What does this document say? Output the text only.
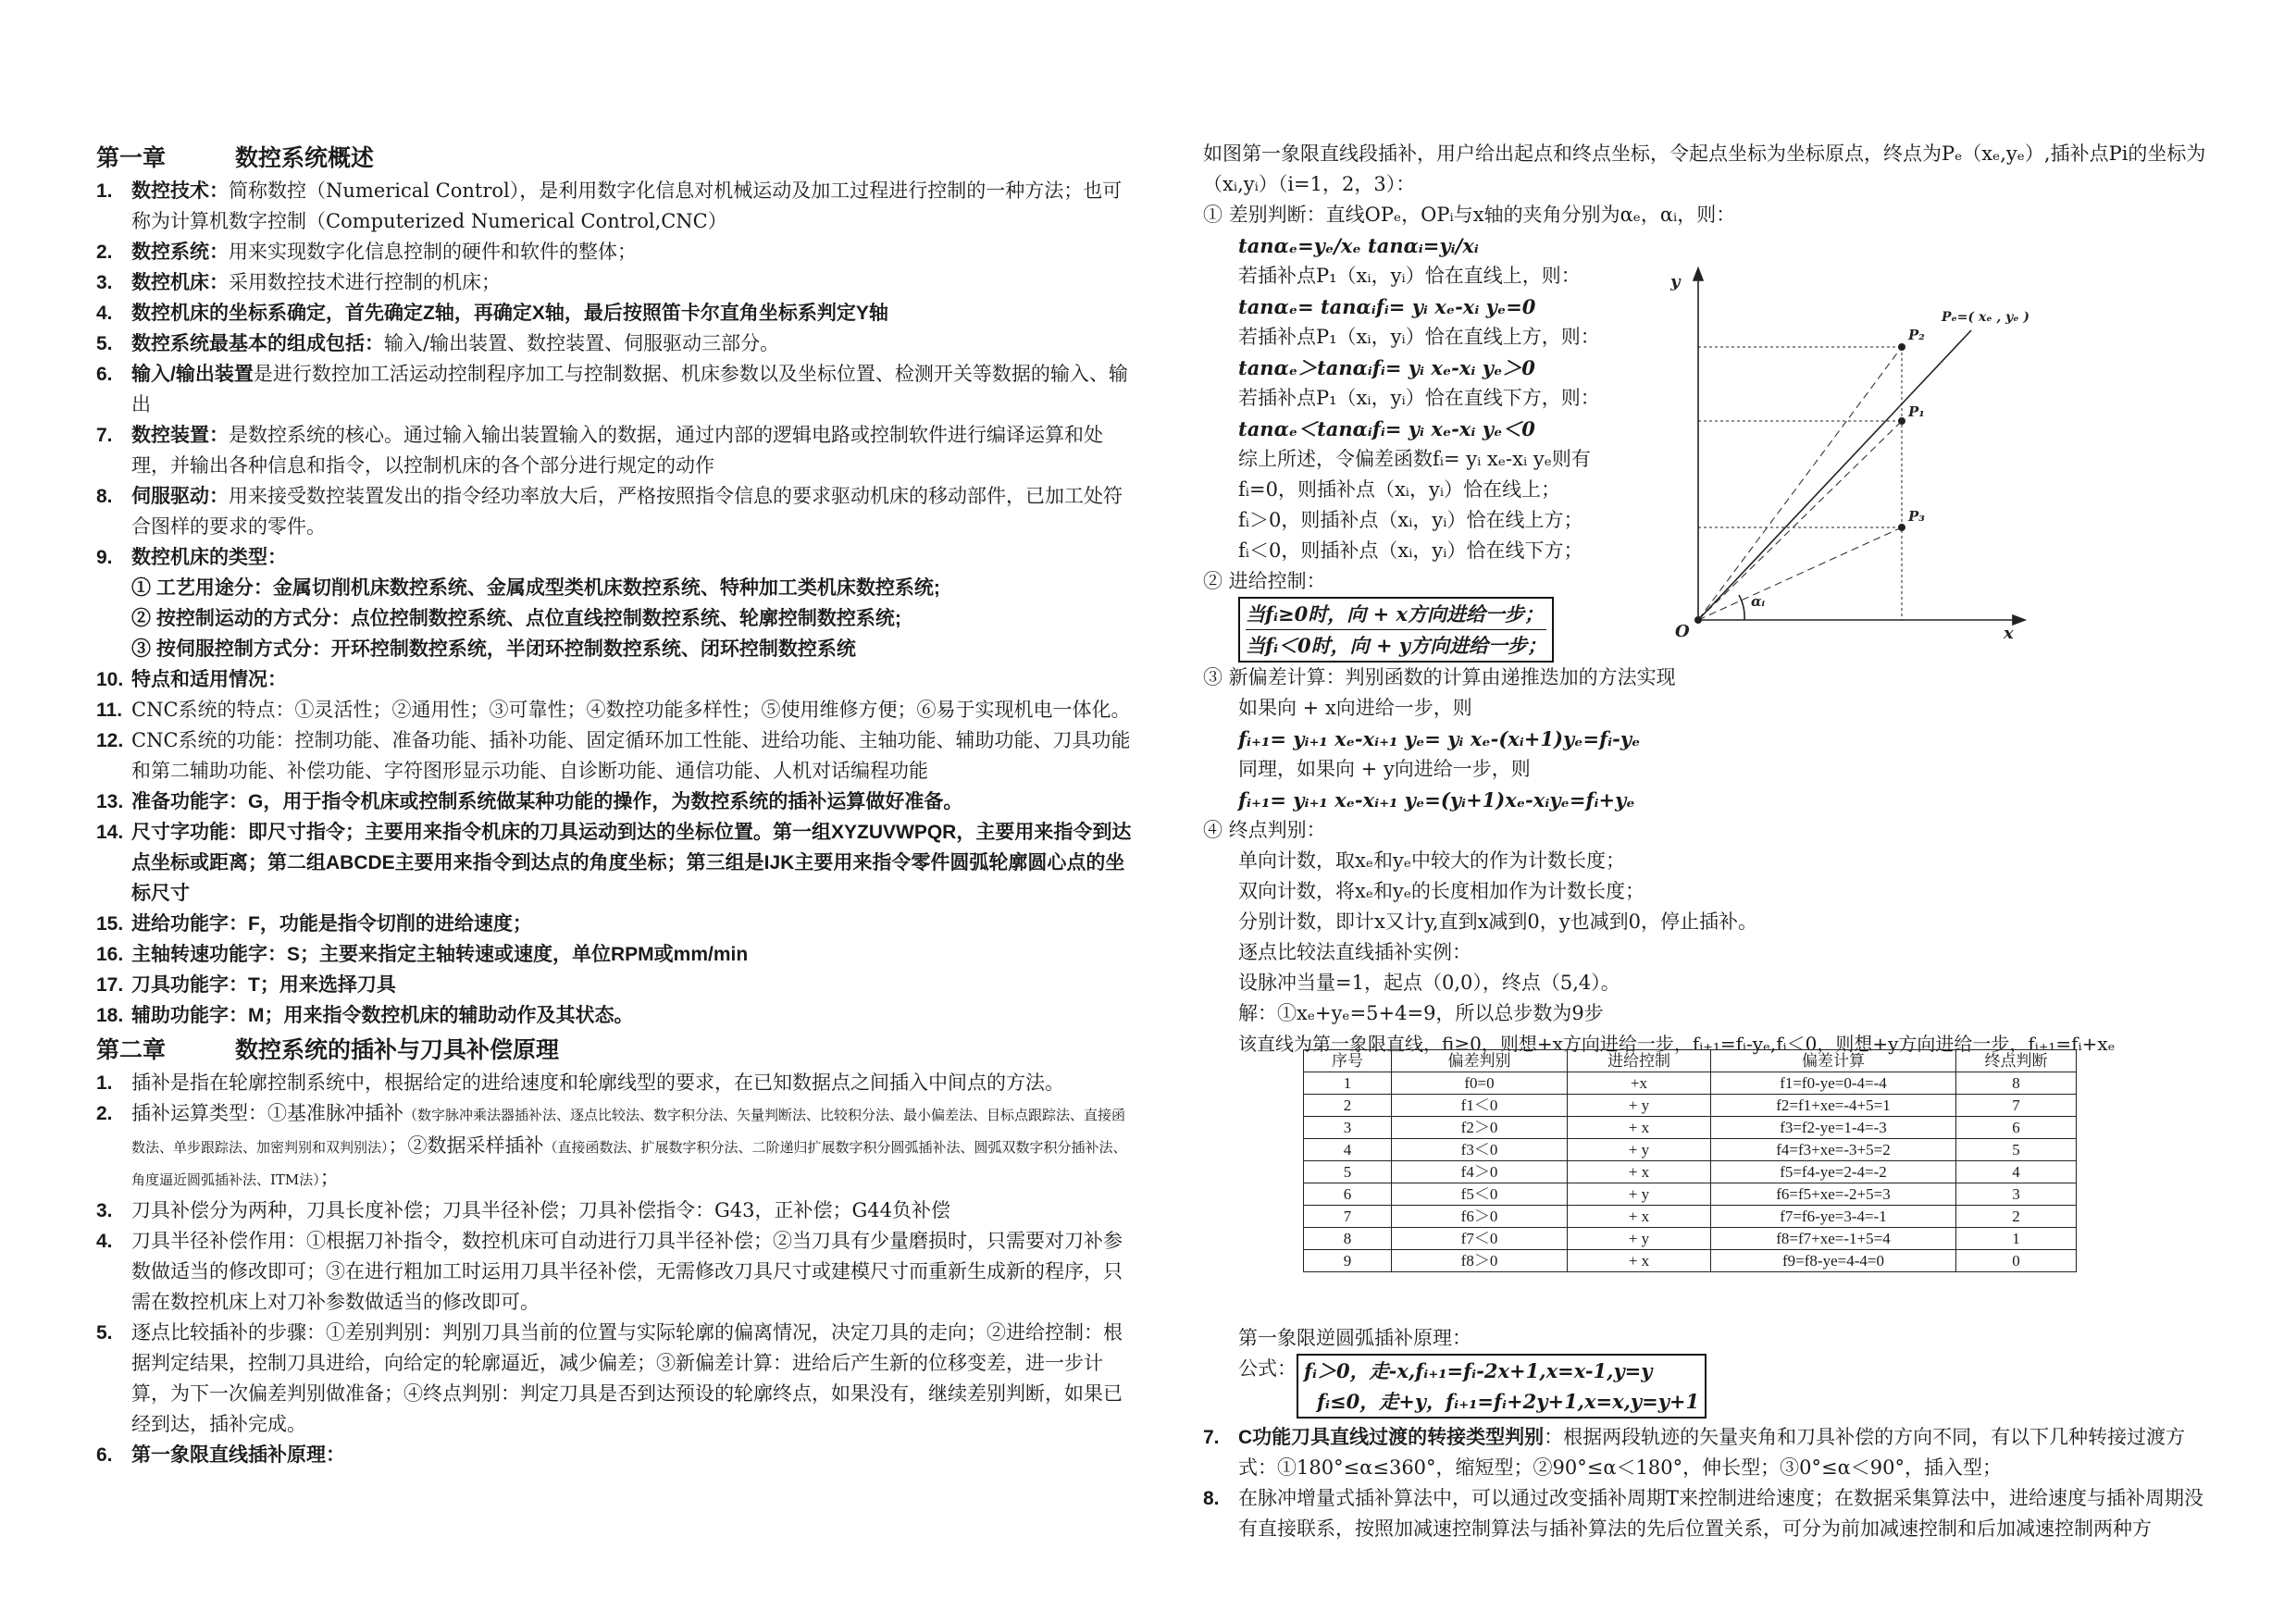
第一章	数控系统概述
1. 数控技术：简称数控（Numerical Control），是利用数字化信息对机械运动及加工过程进行控制的一种方法；也可称为计算机数字控制（Computerized Numerical Control,CNC）
2. 数控系统：用来实现数字化信息控制的硬件和软件的整体；
3. 数控机床：采用数控技术进行控制的机床；
4. 数控机床的坐标系确定，首先确定Z轴，再确定X轴，最后按照笛卡尔直角坐标系判定Y轴
5. 数控系统最基本的组成包括：输入/输出装置、数控装置、伺服驱动三部分。
6. 输入/输出装置是进行数控加工活运动控制程序加工与控制数据、机床参数以及坐标位置、检测开关等数据的输入、输出
7. 数控装置：是数控系统的核心。通过输入输出装置输入的数据，通过内部的逻辑电路或控制软件进行编译运算和处理，并输出各种信息和指令，以控制机床的各个部分进行规定的动作
8. 伺服驱动：用来接受数控装置发出的指令经功率放大后，严格按照指令信息的要求驱动机床的移动部件，已加工处符合图样的要求的零件。
9. 数控机床的类型：
① 工艺用途分：金属切削机床数控系统、金属成型类机床数控系统、特种加工类机床数控系统;
② 按控制运动的方式分：点位控制数控系统、点位直线控制数控系统、轮廓控制数控系统;
③ 按伺服控制方式分：开环控制数控系统，半闭环控制数控系统、闭环控制数控系统
10. 特点和适用情况：
11. CNC系统的特点：①灵活性；②通用性；③可靠性；④数控功能多样性；⑤使用维修方便；⑥易于实现机电一体化。
12. CNC系统的功能：控制功能、准备功能、插补功能、固定循环加工性能、进给功能、主轴功能、辅助功能、刀具功能和第二辅助功能、补偿功能、字符图形显示功能、自诊断功能、通信功能、人机对话编程功能
13. 准备功能字：G，用于指令机床或控制系统做某种功能的操作，为数控系统的插补运算做好准备。
14. 尺寸字功能：即尺寸指令；主要用来指令机床的刀具运动到达的坐标位置。第一组XYZUVWPQR，主要用来指令到达点坐标或距离；第二组ABCDE主要用来指令到达点的角度坐标；第三组是IJK主要用来指令零件圆弧轮廓圆心点的坐标尺寸
15. 进给功能字：F，功能是指令切削的进给速度；
16. 主轴转速功能字：S；主要来指定主轴转速或速度，单位RPM或mm/min
17. 刀具功能字：T；用来选择刀具
18. 辅助功能字：M；用来指令数控机床的辅助动作及其状态。
第二章	数控系统的插补与刀具补偿原理
1. 插补是指在轮廓控制系统中，根据给定的进给速度和轮廓线型的要求，在已知数据点之间插入中间点的方法。
2. 插补运算类型：①基准脉冲插补（数字脉冲乘法器插补法、逐点比较法、数字积分法、矢量判断法、比较积分法、最小偏差法、目标点跟踪法、直接函数法、单步跟踪法、加密判别和双判别法）；②数据采样插补（直接函数法、扩展数字积分法、二阶递归扩展数字积分圆弧插补法、圆弧双数字积分插补法、角度逼近圆弧插补法、ITM法）；
3. 刀具补偿分为两种，刀具长度补偿；刀具半径补偿；刀具补偿指令：G43，正补偿；G44负补偿
4. 刀具半径补偿作用：①根据刀补指令，数控机床可自动进行刀具半径补偿；②当刀具有少量磨损时，只需要对刀补参数做适当的修改即可；③在进行粗加工时运用刀具半径补偿，无需修改刀具尺寸或建模尺寸而重新生成新的程序，只需在数控机床上对刀补参数做适当的修改即可。
5. 逐点比较插补的步骤：①差别判别：判别刀具当前的位置与实际轮廓的偏离情况，决定刀具的走向；②进给控制：根据判定结果，控制刀具进给，向给定的轮廓逼近，减少偏差；③新偏差计算：进给后产生新的位移变差，进一步计算，为下一次偏差判别做准备；④终点判别：判定刀具是否到达预设的轮廓终点，如果没有，继续差别判断，如果已经到达，插补完成。
6. 第一象限直线插补原理：
如图第一象限直线段插补，用户给出起点和终点坐标，令起点坐标为坐标原点，终点为Pₑ（xₑ,yₑ）,插补点Pi的坐标为（xᵢ,yᵢ）（i=1，2，3）：
① 差别判断：直线OPₑ，OPᵢ与x轴的夹角分别为αₑ，αᵢ，则：
tanαₑ=yₑ/xₑ tanαᵢ=yᵢ/xᵢ
若插补点P₁（xᵢ，yᵢ）恰在直线上，则：
tanαₑ= tanαᵢfᵢ= yᵢ xₑ-xᵢ yₑ=0
若插补点P₁（xᵢ，yᵢ）恰在直线上方，则：
tanαₑ＞tanαᵢfᵢ= yᵢ xₑ-xᵢ yₑ＞0
若插补点P₁（xᵢ，yᵢ）恰在直线下方，则：
tanαₑ＜tanαᵢfᵢ= yᵢ xₑ-xᵢ yₑ＜0
综上所述，令偏差函数fᵢ= yᵢ xₑ-xᵢ yₑ则有
fᵢ=0，则插补点（xᵢ，yᵢ）恰在线上；
fᵢ＞0，则插补点（xᵢ，yᵢ）恰在线上方；
fᵢ＜0，则插补点（xᵢ，yᵢ）恰在线下方；
② 进给控制：
当fᵢ≥0时，向 + x方向进给一步；
当fᵢ＜0时，向 + y方向进给一步；
③ 新偏差计算：判别函数的计算由递推迭加的方法实现
如果向 + x向进给一步，则
fᵢ₊₁= yᵢ₊₁ xₑ-xᵢ₊₁ yₑ= yᵢ xₑ-(xᵢ+1)yₑ=fᵢ-yₑ
同理，如果向 + y向进给一步，则
fᵢ₊₁= yᵢ₊₁ xₑ-xᵢ₊₁ yₑ=(yᵢ+1)xₑ-xᵢyₑ=fᵢ+yₑ
④ 终点判别：
单向计数，取xₑ和yₑ中较大的作为计数长度；
双向计数，将xₑ和yₑ的长度相加作为计数长度；
分别计数，即计x又计y,直到x减到0，y也减到0，停止插补。
逐点比较法直线插补实例：
设脉冲当量=1，起点（0,0），终点（5,4）。
解：①xₑ+yₑ=5+4=9，所以总步数为9步
该直线为第一象限直线，fi≥0，则想+x方向进给一步，fᵢ₊₁=fᵢ-yₑ,fᵢ＜0，则想+y方向进给一步，fᵢ₊₁=fᵢ+xₑ
第一象限逆圆弧插补原理：
公式： fᵢ＞0，走-x,fᵢ₊₁=fᵢ-2x+1,x=x-1,y=y
fᵢ≤0，走+y，fᵢ₊₁=fᵢ+2y+1,x=x,y=y+1
7. C功能刀具直线过渡的转接类型判别：根据两段轨迹的矢量夹角和刀具补偿的方向不同，有以下几种转接过渡方式：①180°≤α≤360°，缩短型；②90°≤α＜180°，伸长型；③0°≤α＜90°，插入型；
8. 在脉冲增量式插补算法中，可以通过改变插补周期T来控制进给速度；在数据采集算法中，进给速度与插补周期没有直接联系，按照加减速控制算法与插补算法的先后位置关系，可分为前加减速控制和后加减速控制两种方
y
x
O
P₂
P₁
P₃
Pₑ=( xₑ , yₑ )
αᵢ
序号	偏差判别	进给控制	偏差计算	终点判断
1	f0=0	+x	f1=f0-ye=0-4=-4	8
2	f1＜0	+ y	f2=f1+xe=-4+5=1	7
3	f2＞0	+ x	f3=f2-ye=1-4=-3	6
4	f3＜0	+ y	f4=f3+xe=-3+5=2	5
5	f4＞0	+ x	f5=f4-ye=2-4=-2	4
6	f5＜0	+ y	f6=f5+xe=-2+5=3	3
7	f6＞0	+ x	f7=f6-ye=3-4=-1	2
8	f7＜0	+ y	f8=f7+xe=-1+5=4	1
9	f8＞0	+ x	f9=f8-ye=4-4=0	0
